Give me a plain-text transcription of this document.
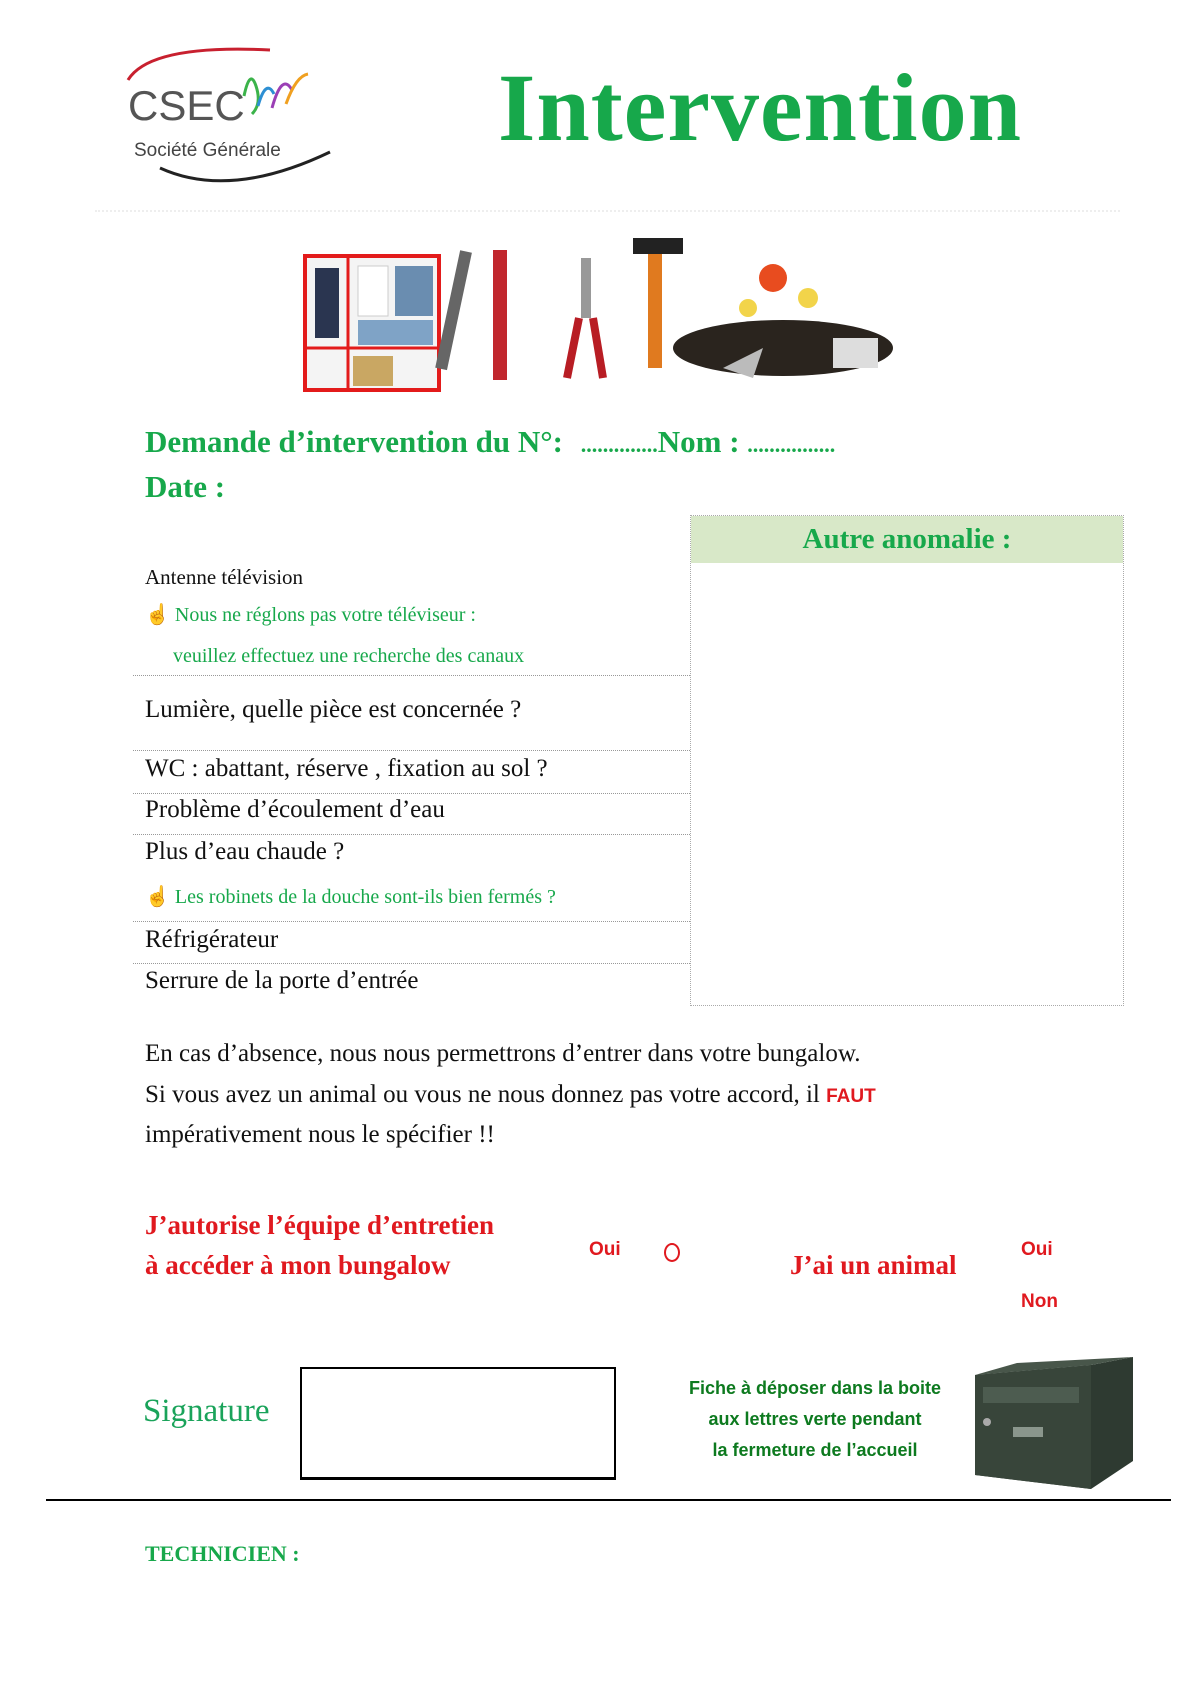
CSEC
Société Générale Intervention
Demande d’intervention du N°: ..............Nom : ................
Date :
Antenne télévision
☝ Nous ne réglons pas votre téléviseur :
veuillez effectuez une recherche des canaux
Lumière, quelle pièce est concernée ?
WC : abattant, réserve , fixation au sol ?
Problème d’écoulement d’eau
Plus d’eau chaude ?
☝ Les robinets de la douche sont-ils bien fermés ?
Réfrigérateur
Serrure de la porte d’entrée
Autre anomalie :
En cas d’absence, nous nous permettrons d’entrer dans votre bungalow.
Si vous avez un animal ou vous ne nous donnez pas votre accord, il FAUT
impérativement nous le spécifier !!
J’autorise l’équipe d’entretien
à accéder à mon bungalow
Oui
J’ai un animal
Oui
Non
Signature
Fiche à déposer dans la boite
aux lettres verte pendant
la fermeture de l’accueil
TECHNICIEN :
